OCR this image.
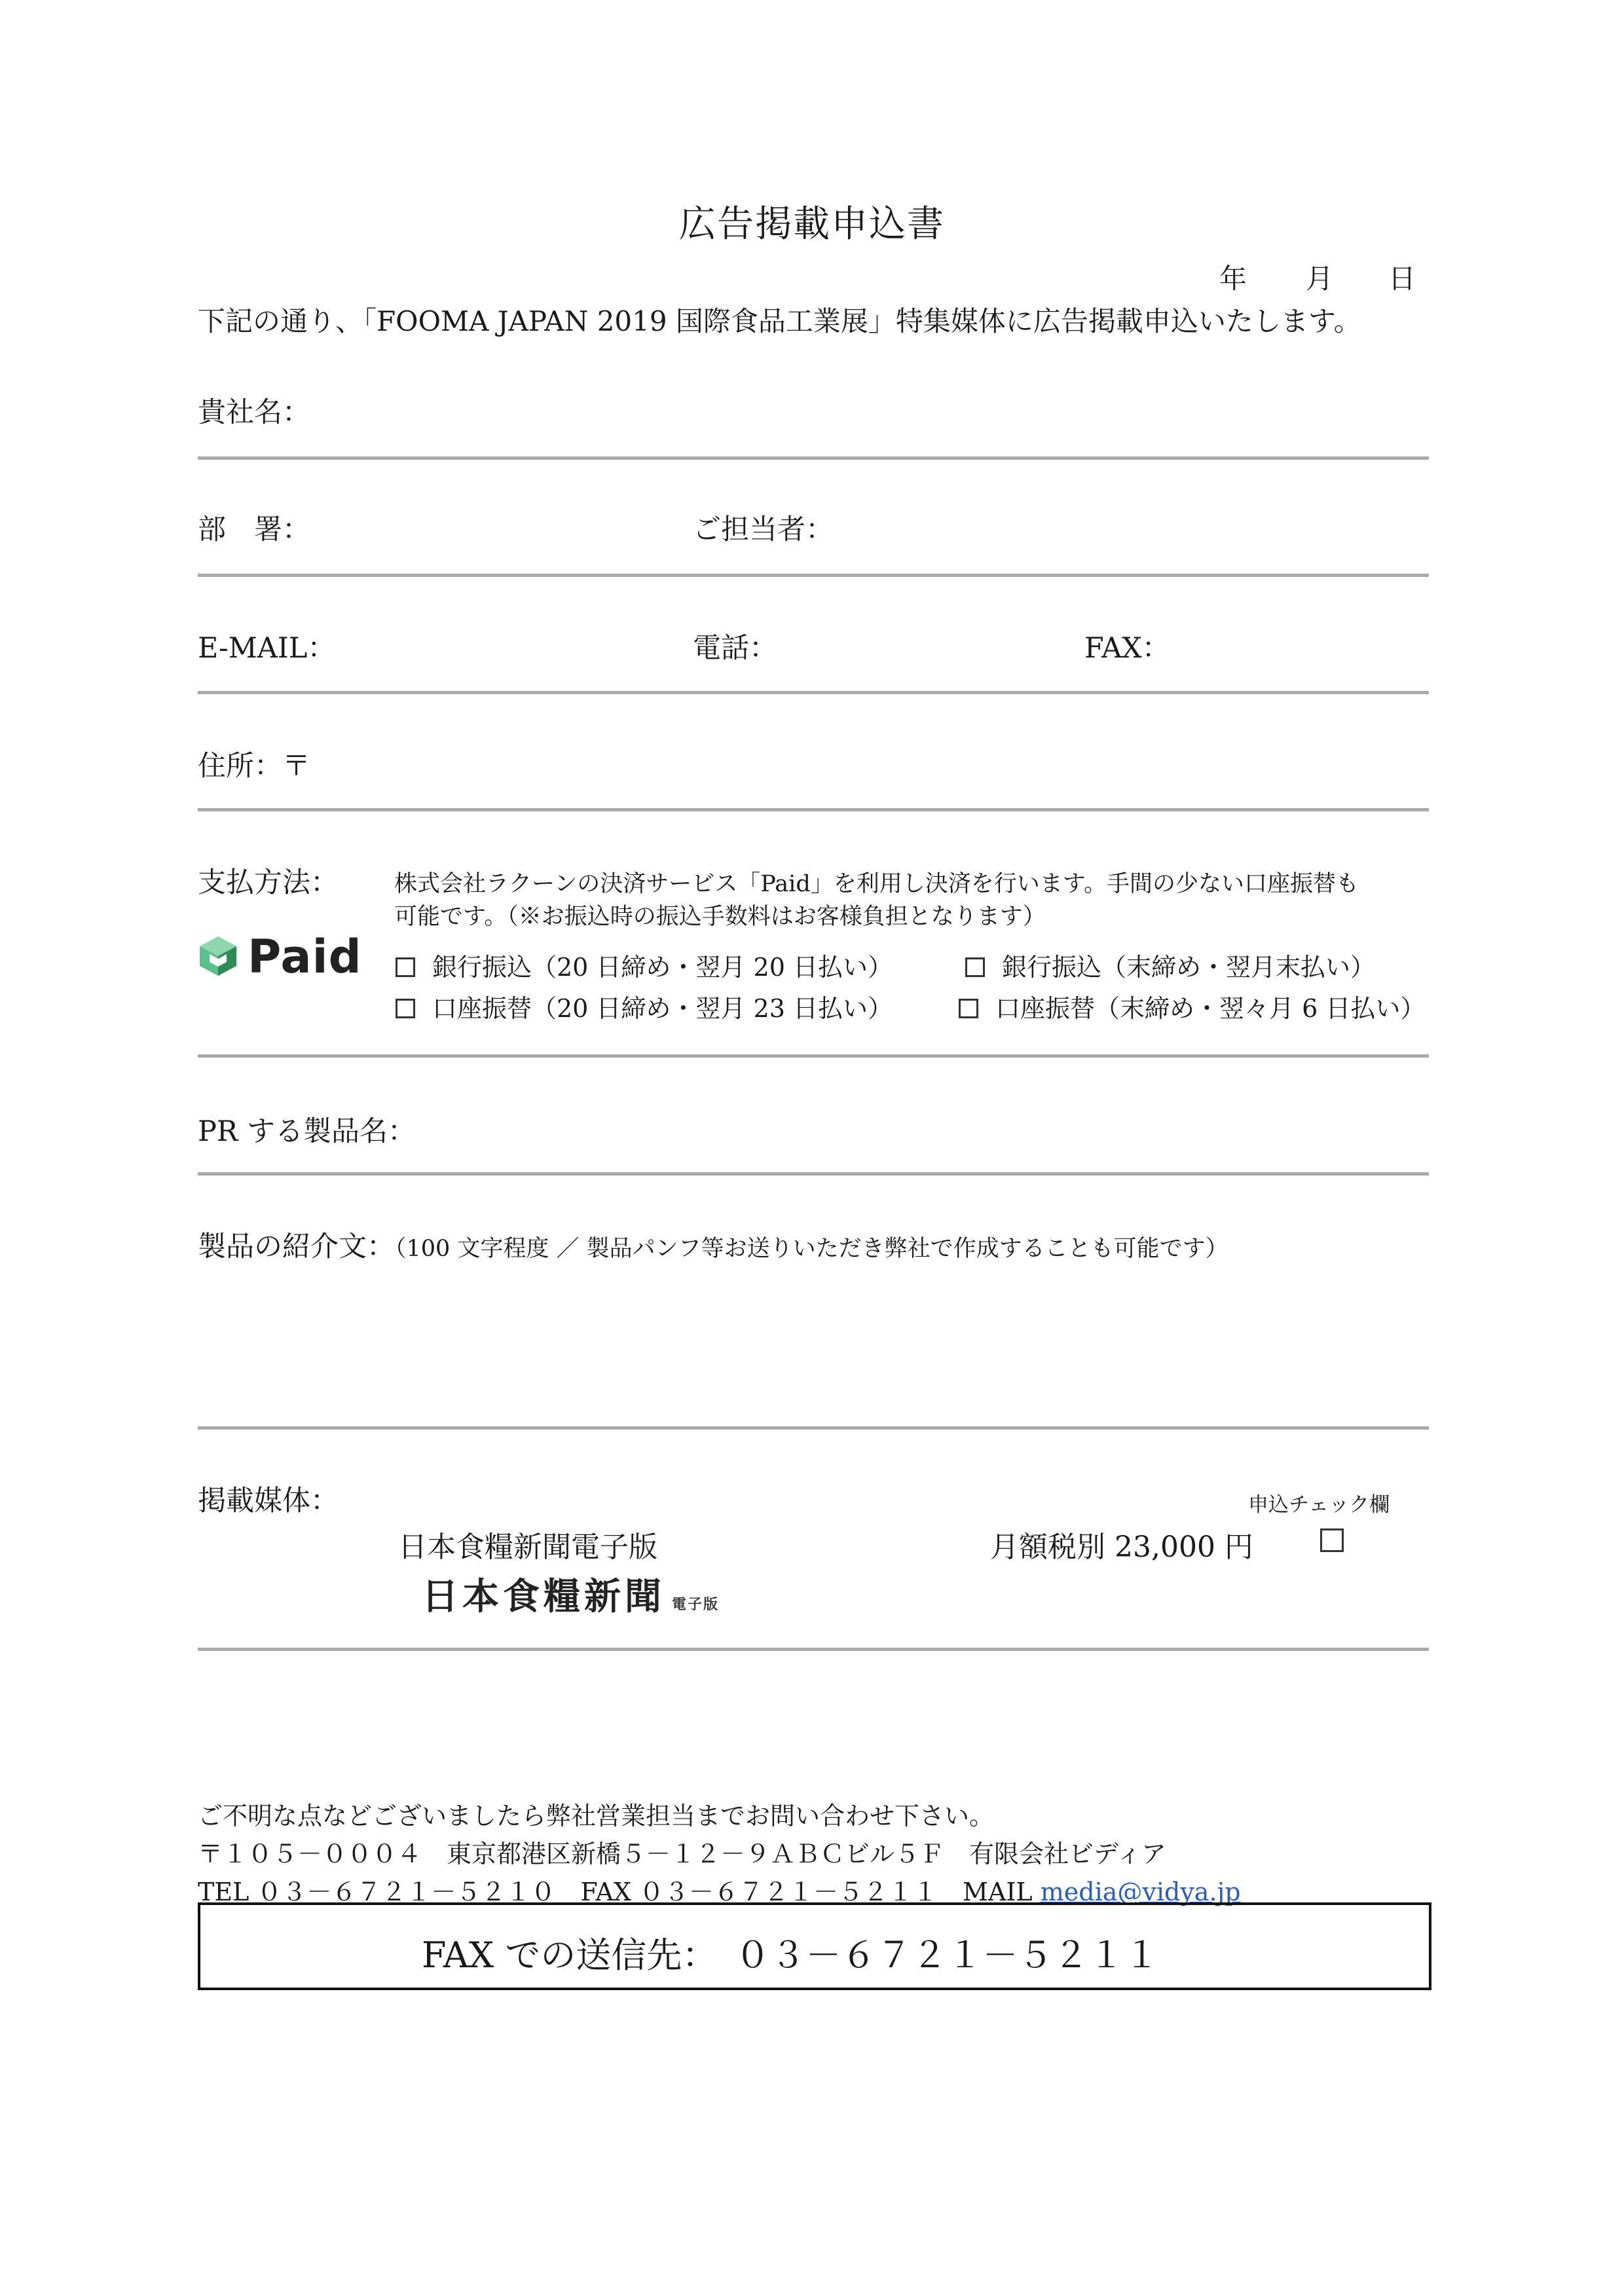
広告掲載申込書
年 月 日
下記の通り、「FOOMA JAPAN 2019 国際食品工業展」特集媒体に広告掲載申込いたします。
貴社名：
部　署：	ご担当者：
E-MAIL：	電話：	FAX：
住所：〒
支払方法： 株式会社ラクーンの決済サービス「Paid」を利用し決済を行います。手間の少ない口座振替も
可能です。（※お振込時の振込手数料はお客様負担となります）
Paid	銀行振込（20 日締め・翌月 20 日払い）	銀行振込（末締め・翌月末払い）
口座振替（20 日締め・翌月 23 日払い）	口座振替（末締め・翌々月 6 日払い）
PR する製品名：
製品の紹介文：（100 文字程度 ／ 製品パンフ等お送りいただき弊社で作成することも可能です）
掲載媒体：	申込チェック欄
日本食糧新聞電子版	月額税別 23,000 円
日本食糧新聞 電子版
ご不明な点などございましたら弊社営業担当までお問い合わせ下さい。
〒１０５－０００４　東京都港区新橋５－１２－９ＡＢＣビル５Ｆ　有限会社ビディア
TEL ０３－６７２１－５２１０　FAX ０３－６７２１－５２１１　MAIL media@vidya.jp
FAX での送信先：　０３－６７２１－５２１１
